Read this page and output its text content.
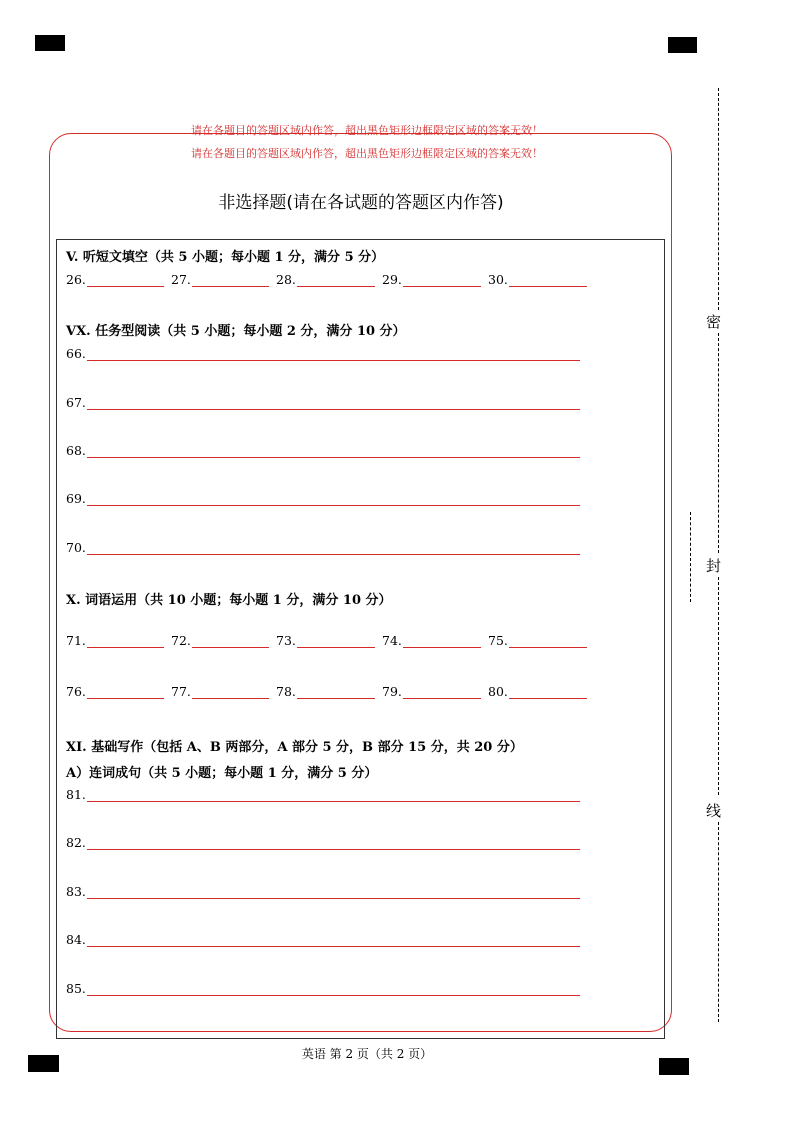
请在各题目的答题区域内作答，超出黑色矩形边框限定区域的答案无效！
请在各题目的答题区域内作答，超出黑色矩形边框限定区域的答案无效！
非选择题(请在各试题的答题区内作答)
V. 听短文填空（共 5 小题；每小题 1 分，满分 5 分）
26.	27.	28.	29.	30.
VX. 任务型阅读（共 5 小题；每小题 2 分，满分 10 分）
66.
67.
68.
69.
70.
X. 词语运用（共 10 小题；每小题 1 分，满分 10 分）
71.	72.	73.	74.	75.
76.	77.	78.	79.	80.
XI. 基础写作（包括 A、B 两部分，A 部分 5 分，B 部分 15 分，共 20 分）
A）连词成句（共 5 小题；每小题 1 分，满分 5 分）
81.
82.
83.
84.
85.
英语 第 2 页（共 2 页）
密
封
线
